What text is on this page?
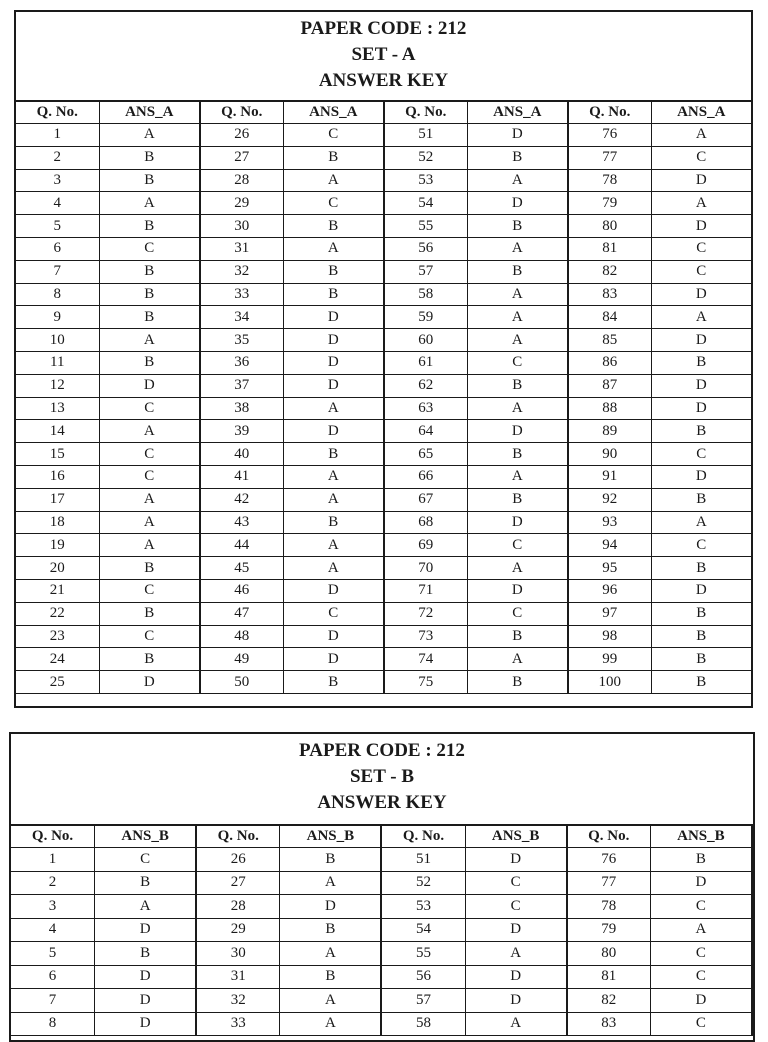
PAPER CODE : 212
SET - A
ANSWER KEY
Q. No.	ANS_A	Q. No.	ANS_A	Q. No.	ANS_A	Q. No.	ANS_A
1	A	26	C	51	D	76	A
2	B	27	B	52	B	77	C
3	B	28	A	53	A	78	D
4	A	29	C	54	D	79	A
5	B	30	B	55	B	80	D
6	C	31	A	56	A	81	C
7	B	32	B	57	B	82	C
8	B	33	B	58	A	83	D
9	B	34	D	59	A	84	A
10	A	35	D	60	A	85	D
11	B	36	D	61	C	86	B
12	D	37	D	62	B	87	D
13	C	38	A	63	A	88	D
14	A	39	D	64	D	89	B
15	C	40	B	65	B	90	C
16	C	41	A	66	A	91	D
17	A	42	A	67	B	92	B
18	A	43	B	68	D	93	A
19	A	44	A	69	C	94	C
20	B	45	A	70	A	95	B
21	C	46	D	71	D	96	D
22	B	47	C	72	C	97	B
23	C	48	D	73	B	98	B
24	B	49	D	74	A	99	B
25	D	50	B	75	B	100	B
PAPER CODE : 212
SET - B
ANSWER KEY
Q. No.	ANS_B	Q. No.	ANS_B	Q. No.	ANS_B	Q. No.	ANS_B
1	C	26	B	51	D	76	B
2	B	27	A	52	C	77	D
3	A	28	D	53	C	78	C
4	D	29	B	54	D	79	A
5	B	30	A	55	A	80	C
6	D	31	B	56	D	81	C
7	D	32	A	57	D	82	D
8	D	33	A	58	A	83	C
